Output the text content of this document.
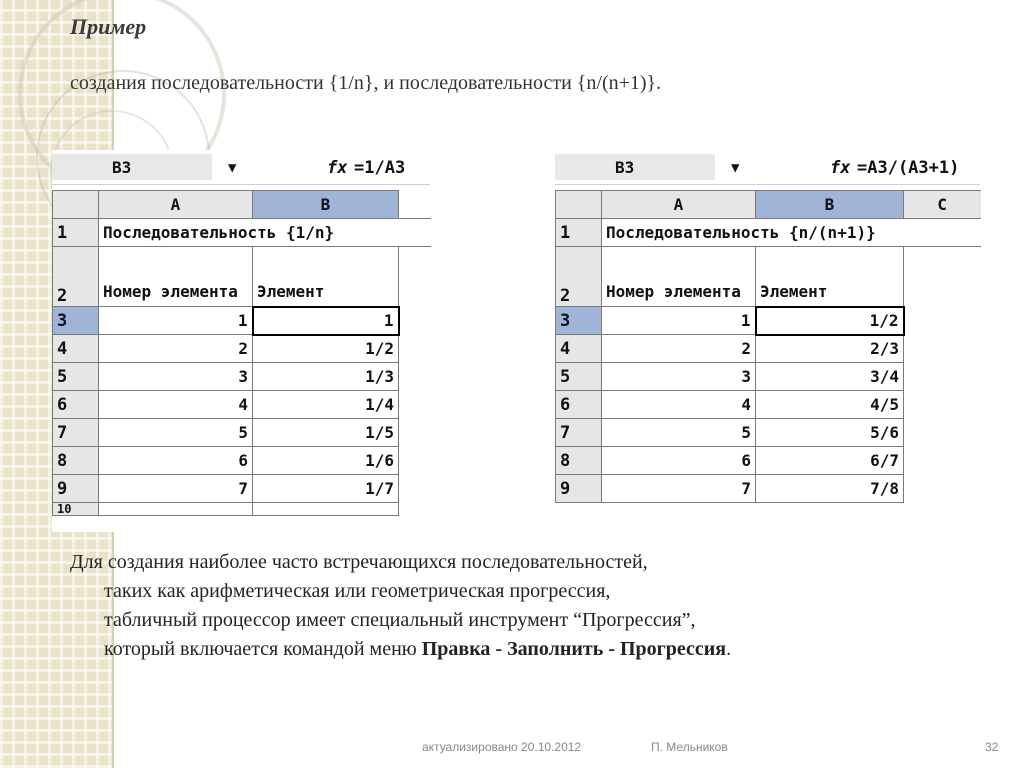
Пример
создания последовательности {1/n}, и последовательности {n/(n+1)}.
B3	▼	fx =1/A3
	A	B	
1	Последовательность {1/n}		
2	Номер элемента	Элемент	
3	1	1	
4	2	1/2	
5	3	1/3	
6	4	1/4	
7	5	1/5	
8	6	1/6	
9	7	1/7	
10			
B3	▼	fx =A3/(A3+1)
	A	B	C
1	Последовательность {n/(n+1)}		
2	Номер элемента	Элемент	
3	1	1/2	
4	2	2/3	
5	3	3/4	
6	4	4/5	
7	5	5/6	
8	6	6/7	
9	7	7/8	
Для создания наиболее часто встречающихся последовательностей,
таких как арифметическая или геометрическая прогрессия,
табличный процессор имеет специальный инструмент “Прогрессия”,
который включается командой меню Правка - Заполнить - Прогрессия.
актуализировано 20.10.2012	П. Мельников	32
